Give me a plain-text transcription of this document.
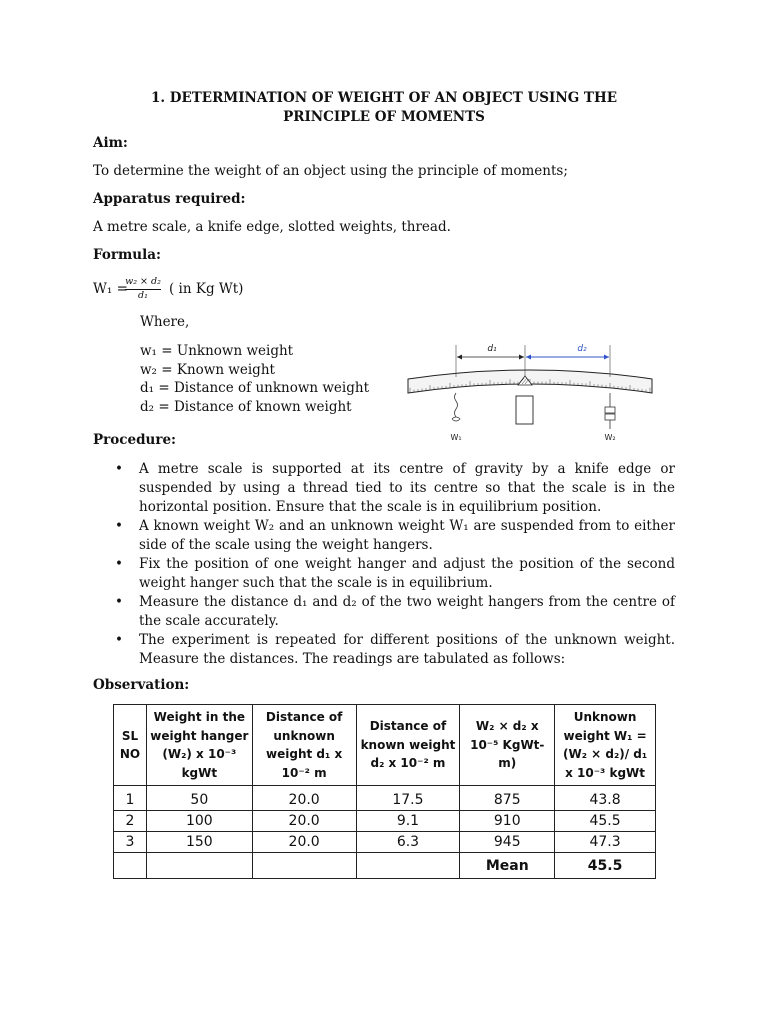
1. DETERMINATION OF WEIGHT OF AN OBJECT USING THE PRINCIPLE OF MOMENTS
Aim:
To determine the weight of an object using the principle of moments;
Apparatus required:
A metre scale, a knife edge, slotted weights, thread.
Formula:
W₁ =
$\frac{\text{w₂ × d₂}}{\text{d₁}}$ ( in Kg Wt)
Where,
w₁ = Unknown weight
w₂ = Known weight
d₁ = Distance of unknown weight
d₂ = Distance of known weight
d₁	d₂
W₁	W₂
Procedure:
• A metre scale is supported at its centre of gravity by a knife edge or suspended by using a thread tied to its centre so that the scale is in the horizontal position. Ensure that the scale is in equilibrium position.
• A known weight W₂ and an unknown weight W₁ are suspended from to either side of the scale using the weight hangers.
• Fix the position of one weight hanger and adjust the position of the second weight hanger such that the scale is in equilibrium.
• Measure the distance d₁ and d₂ of the two weight hangers from the centre of the scale accurately.
• The experiment is repeated for different positions of the unknown weight. Measure the distances. The readings are tabulated as follows:
Observation:
SL NO	Weight in the weight hanger (W₂) x 10⁻³ kgWt	Distance of unknown weight d₁ x 10⁻² m	Distance of known weight d₂ x 10⁻² m	W₂ × d₂ x 10⁻⁵ KgWt-m)	Unknown weight W₁ = (W₂ × d₂)/ d₁ x 10⁻³ kgWt
1	50	20.0	17.5	875	43.8
2	100	20.0	9.1	910	45.5
3	150	20.0	6.3	945	47.3
				Mean	45.5
